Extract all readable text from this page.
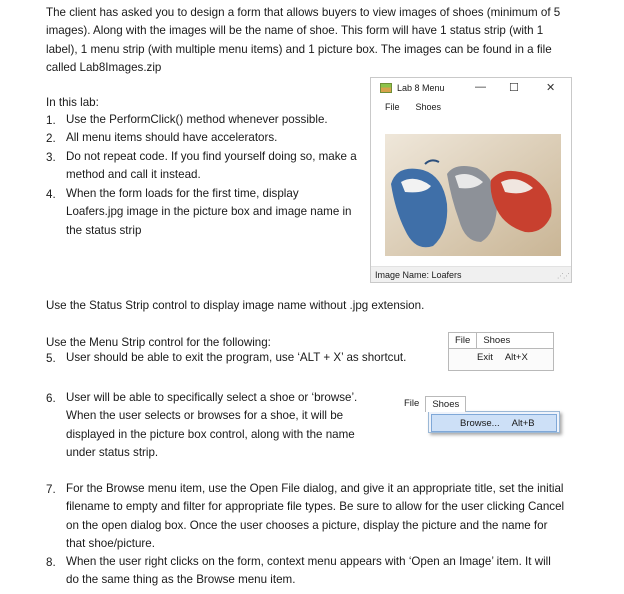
The client has asked you to design a form that allows buyers to view images of shoes (minimum of 5 images). Along with the images will be the name of shoe. This form will have 1 status strip (with 1 label), 1 menu strip (with multiple menu items) and 1 picture box. The images can be found in a file called Lab8Images.zip

In this lab:
1. Use the PerformClick() method whenever possible.
2. All menu items should have accelerators.
3. Do not repeat code. If you find yourself doing so, make a method and call it instead.
4. When the form loads for the first time, display Loafers.jpg image in the picture box and image name in the status strip
Lab 8 Menu	— ☐ ✕
File Shoes
Image Name: Loafers	⋰⋰
Use the Status Strip control to display image name without .jpg extension.
Use the Menu Strip control for the following:
5. User should be able to exit the program, use ‘ALT + X’ as shortcut.
File	Shoes
Exit Alt+X
6. User will be able to specifically select a shoe or ‘browse’. When the user selects or browses for a shoe, it will be displayed in the picture box control, along with the name under status strip.
File	Shoes
Browse... Alt+B
7. For the Browse menu item, use the Open File dialog, and give it an appropriate title, set the initial filename to empty and filter for appropriate file types. Be sure to allow for the user clicking Cancel on the open dialog box. Once the user chooses a picture, display the picture and the name for that shoe/picture.
8. When the user right clicks on the form, context menu appears with ‘Open an Image’ item. It will do the same thing as the Browse menu item.
